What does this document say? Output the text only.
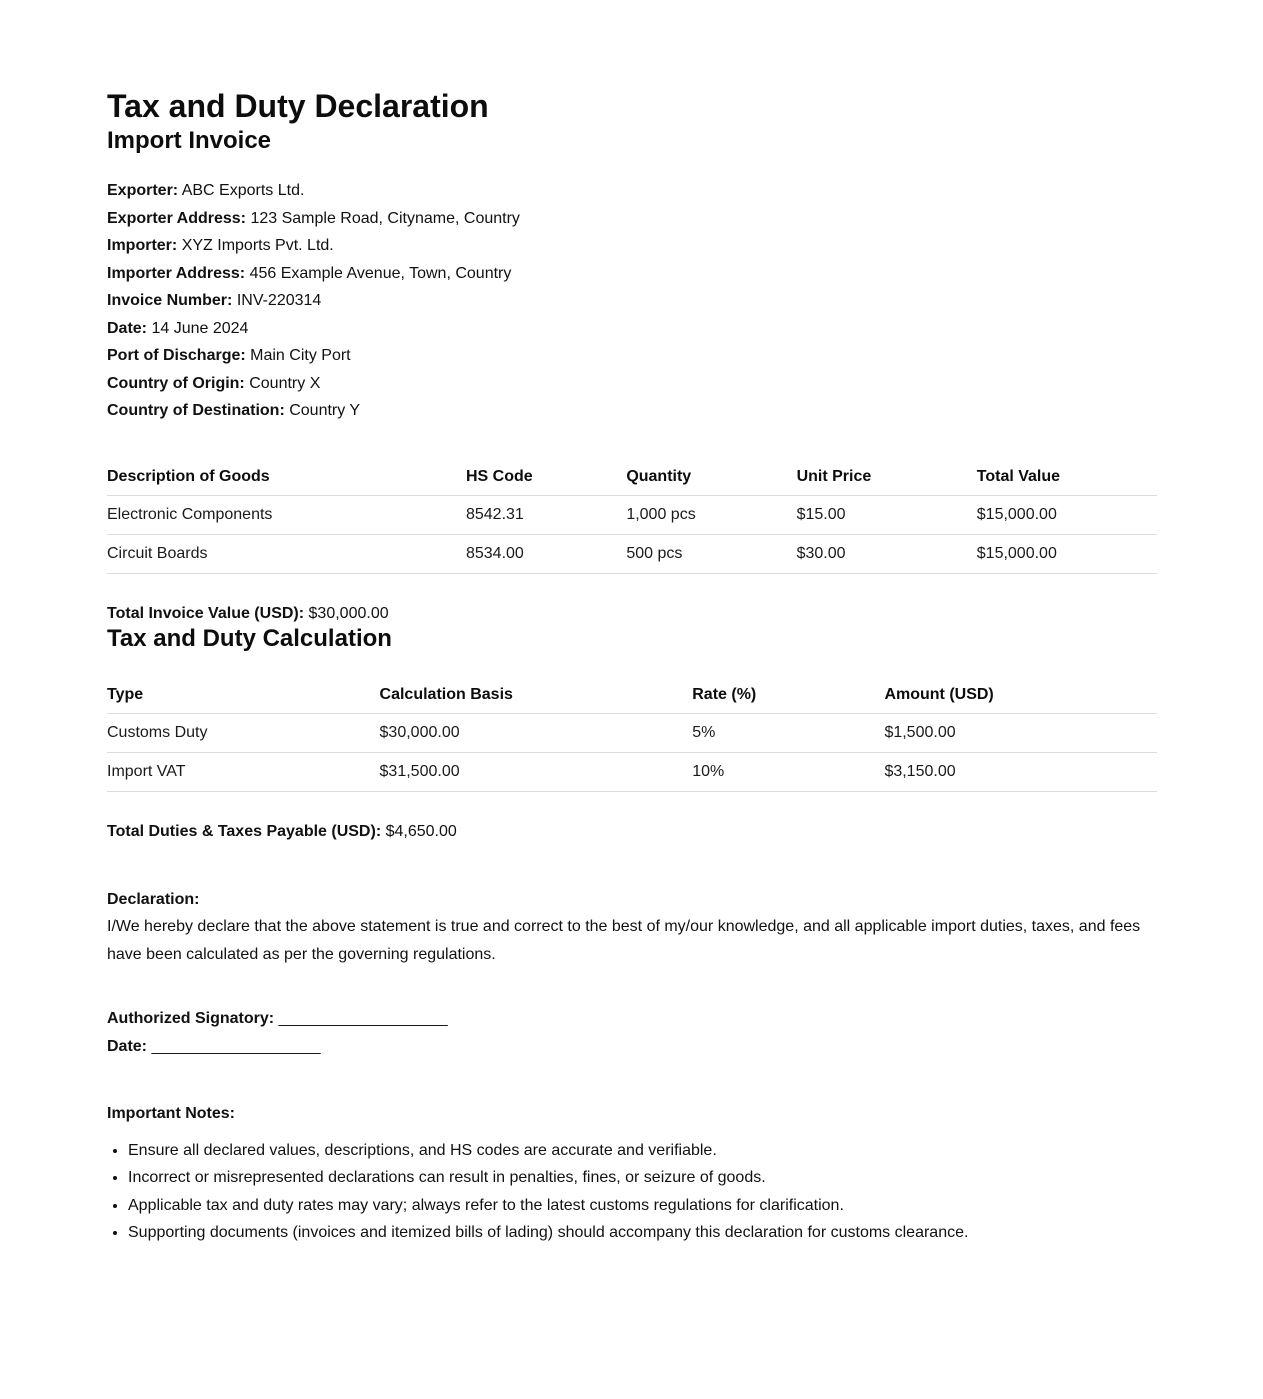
Tax and Duty Declaration
Import Invoice
Exporter: ABC Exports Ltd.
Exporter Address: 123 Sample Road, Cityname, Country
Importer: XYZ Imports Pvt. Ltd.
Importer Address: 456 Example Avenue, Town, Country
Invoice Number: INV-220314
Date: 14 June 2024
Port of Discharge: Main City Port
Country of Origin: Country X
Country of Destination: Country Y
Description of Goods	HS Code	Quantity	Unit Price	Total Value
Electronic Components	8542.31	1,000 pcs	$15.00	$15,000.00
Circuit Boards	8534.00	500 pcs	$30.00	$15,000.00
Total Invoice Value (USD): $30,000.00
Tax and Duty Calculation
Type	Calculation Basis	Rate (%)	Amount (USD)
Customs Duty	$30,000.00	5%	$1,500.00
Import VAT	$31,500.00	10%	$3,150.00
Total Duties & Taxes Payable (USD): $4,650.00
Declaration:
I/We hereby declare that the above statement is true and correct to the best of my/our knowledge, and all applicable import duties, taxes, and fees have been calculated as per the governing regulations.
Authorized Signatory: ___________________
Date: ___________________
Important Notes:
• Ensure all declared values, descriptions, and HS codes are accurate and verifiable.
• Incorrect or misrepresented declarations can result in penalties, fines, or seizure of goods.
• Applicable tax and duty rates may vary; always refer to the latest customs regulations for clarification.
• Supporting documents (invoices and itemized bills of lading) should accompany this declaration for customs clearance.
